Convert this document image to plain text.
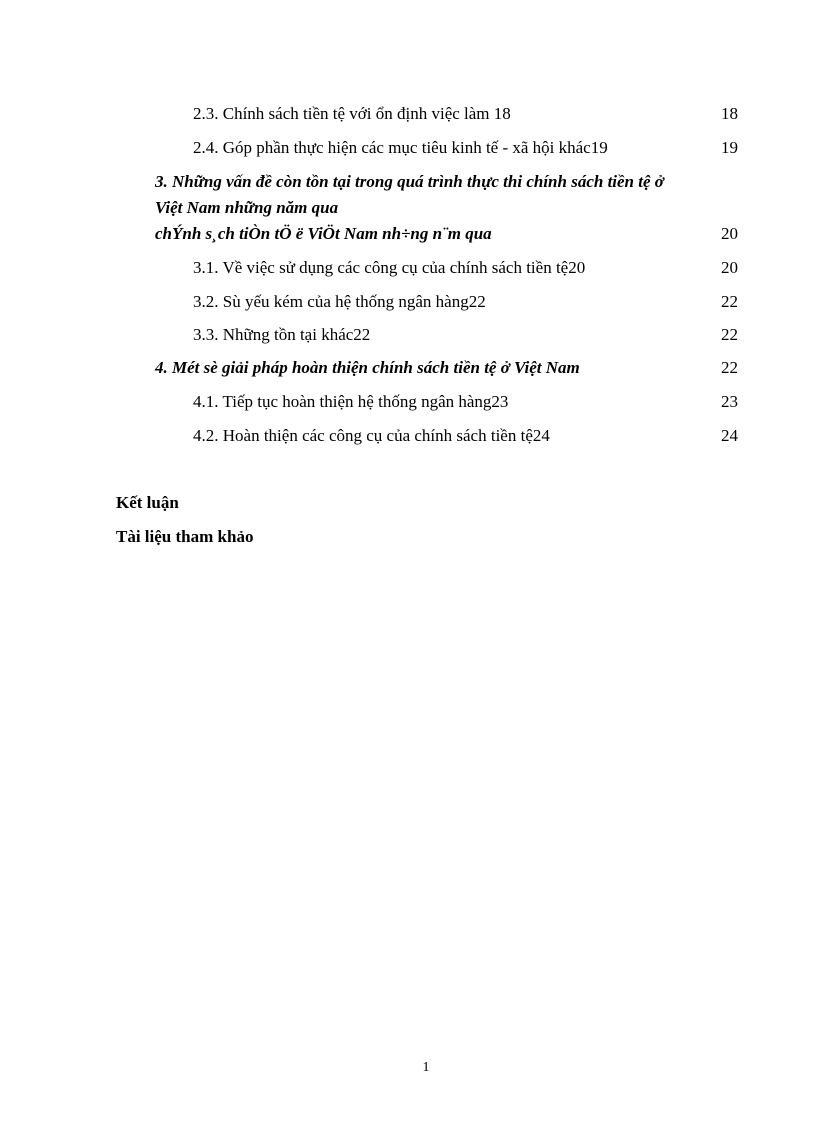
2.3. Chính sách tiền tệ với ổn định việc làm 18	18
2.4. Góp phần thực hiện các mục tiêu kinh tế - xã hội khác19	19
3. Những vấn đề còn tồn tại trong quá trình thực thi chính sách tiền tệ ở
Việt Nam những năm qua
chÝnh s¸ch tiÒn tÖ ë ViÖt Nam nh÷ng n¨m qua	20
3.1. Về việc sử dụng các công cụ của chính sách tiền tệ20	20
3.2. Sù yếu kém của hệ thống ngân hàng22	22
3.3. Những tồn tại khác22	22
4. Mét sè giải pháp hoàn thiện chính sách tiền tệ ở Việt Nam	22
4.1. Tiếp tục hoàn thiện hệ thống ngân hàng23	23
4.2. Hoàn thiện các công cụ của chính sách tiền tệ24	24
Kết luận
Tài liệu tham khảo
1
